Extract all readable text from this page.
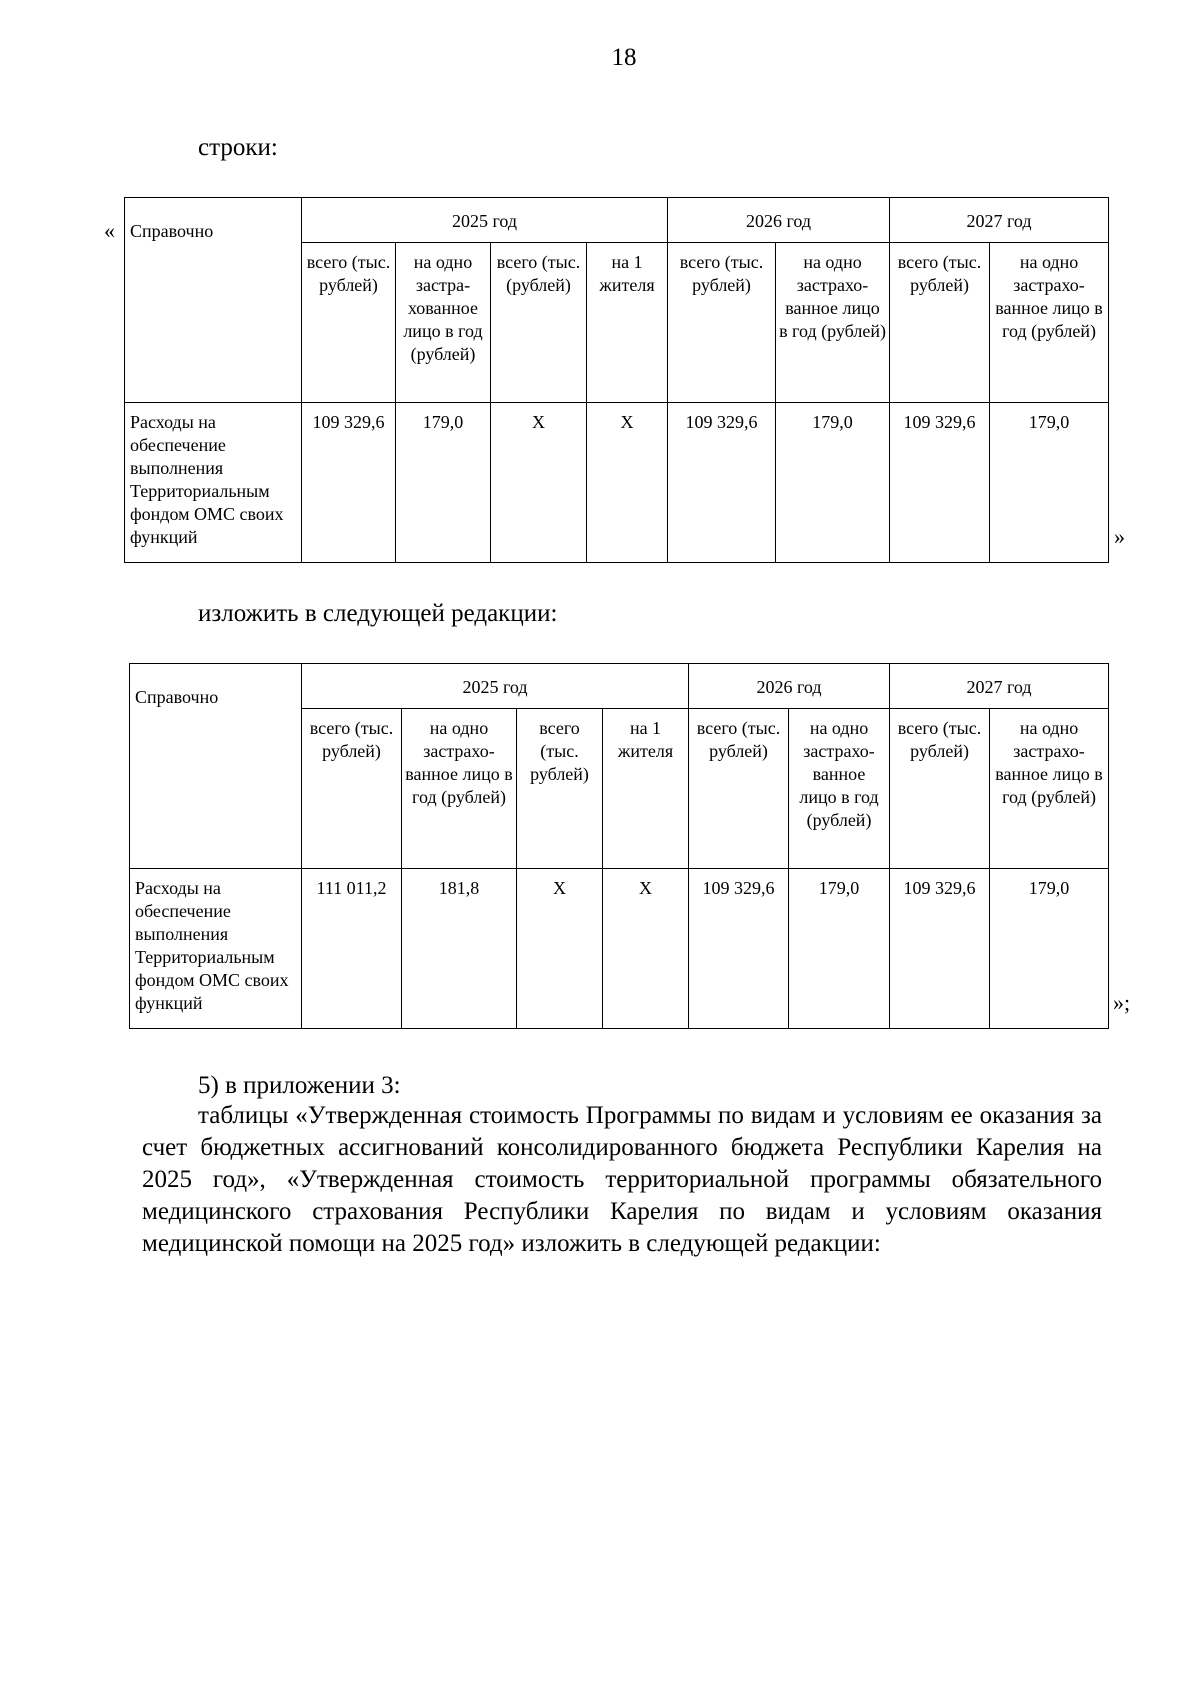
18
строки:
« Справочно	2025 год				2026 год		2027 год	
	всего (тыс. рублей)	на одно застра-хованное лицо в год (рублей)	всего (тыс. (рублей)	на 1 жителя	всего (тыс. рублей)	на одно застрахо-ванное лицо в год (рублей)	всего (тыс. рублей)	на одно застрахо-ванное лицо в год (рублей)
Расходы на обеспечение выполнения Территориальным фондом ОМС своих функций	109 329,6	179,0	Х	Х	109 329,6	179,0	109 329,6	179,0
»
изложить в следующей редакции:
Справочно	2025 год				2026 год		2027 год	
	всего (тыс. рублей)	на одно застрахо-ванное лицо в год (рублей)	всего (тыс. рублей)	на 1 жителя	всего (тыс. рублей)	на одно застрахо-ванное лицо в год (рублей)	всего (тыс. рублей)	на одно застрахо-ванное лицо в год (рублей)
Расходы на обеспечение выполнения Территориальным фондом ОМС своих функций	111 011,2	181,8	Х	Х	109 329,6	179,0	109 329,6	179,0
»;
5) в приложении 3:
таблицы «Утвержденная стоимость Программы по видам и условиям ее оказания за счет бюджетных ассигнований консолидированного бюджета Республики Карелия на 2025 год», «Утвержденная стоимость территориальной программы обязательного медицинского страхования Республики Карелия по видам и условиям оказания медицинской помощи на 2025 год» изложить в следующей редакции:
